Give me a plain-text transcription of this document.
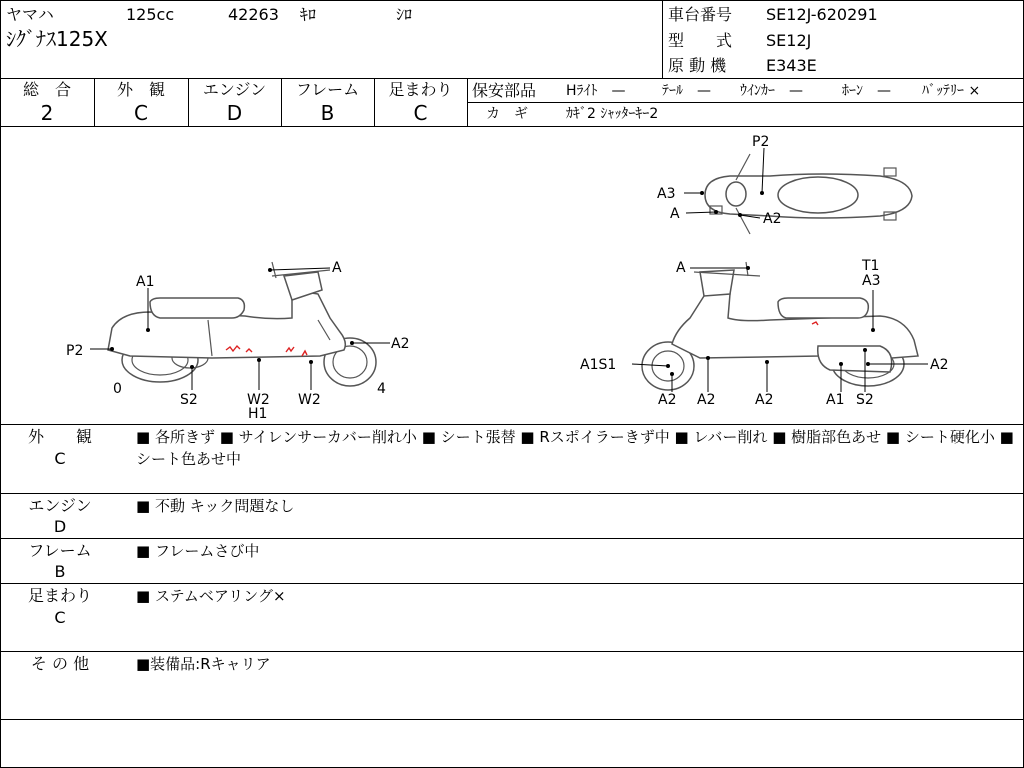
ヤマハ	125cc	42263 ｷﾛ	ｼﾛ
ｼｸﾞﾅｽ125X
車台番号 SE12J-620291
型　　式 SE12J
原 動 機 E343E
総　合
2
外　観
C
エンジン
D
フレーム
B
足まわり
C
保安部品 Hﾗｲﾄ　—	ﾃｰﾙ　— ｳｲﾝｶｰ　—	ﾎｰﾝ　— ﾊﾞｯﾃﾘｰ ×
カ　ギ	ｶｷﾞ2 ｼｬｯﾀｰｷｰ2
A1
A
A2
P2
0
S2	W2
H1
W2
4
P2
A3
A	A2
A	T1
A3
A1S1	A2
A2 A2	A2	A1 S2
外　　観
C
■ 各所きず ■ サイレンサーカバー削れ小 ■ シート張替 ■ Rスポイラーきず中 ■ レバー削れ ■ 樹脂部色あせ ■ シート硬化小 ■ シート色あせ中
エンジン
D
■ 不動 キック問題なし
フレーム
B
■ フレームさび中
足まわり
C
■ ステムベアリング×
そ の 他	■装備品:Rキャリア
